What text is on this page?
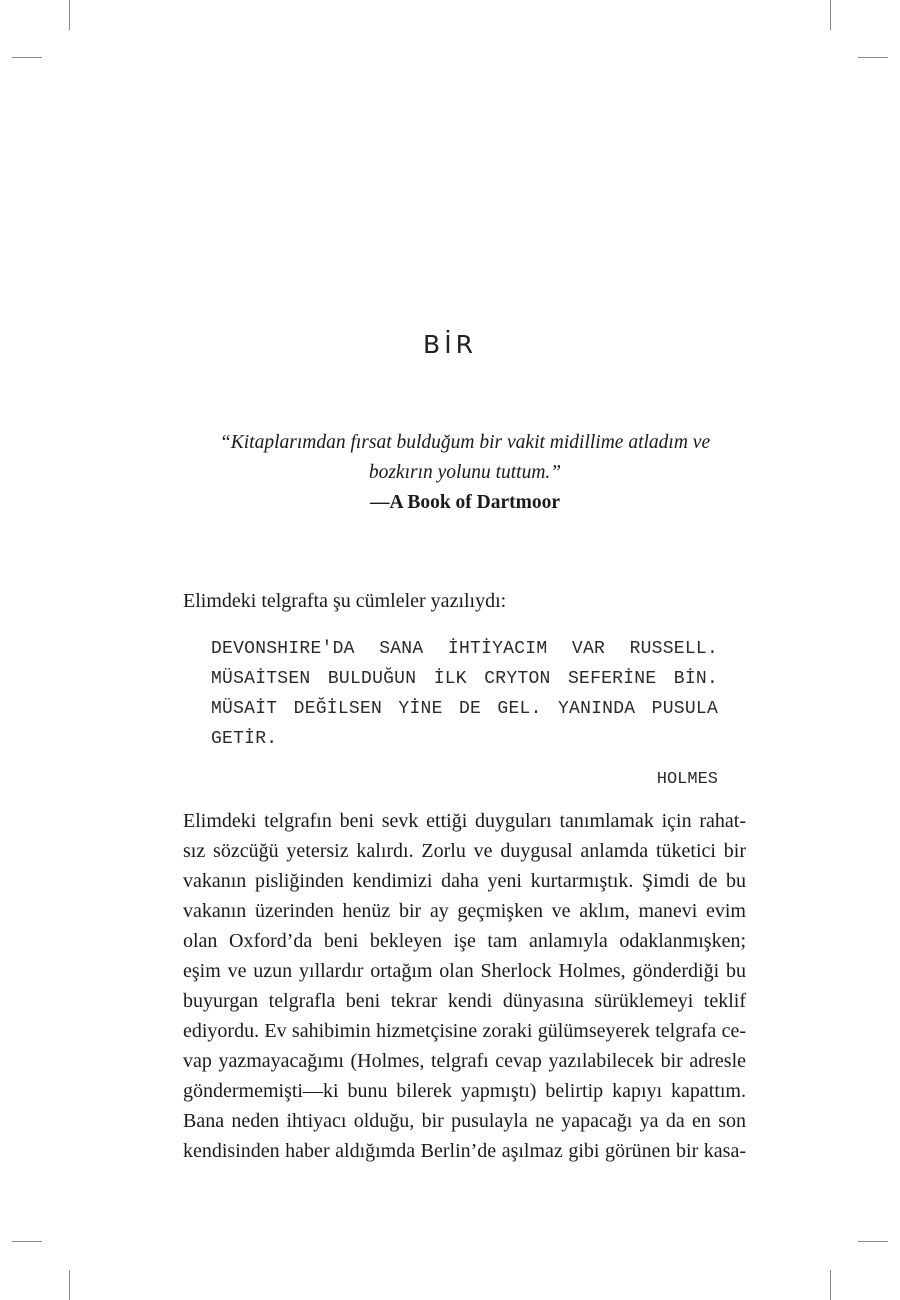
BİR
“Kitaplarımdan fırsat bulduğum bir vakit midillime atladım ve bozkırın yolunu tuttum.”
—A Book of Dartmoor
Elimdeki telgrafta şu cümleler yazılıydı:
DEVONSHIRE'DA SANA İHTİYACIM VAR RUSSELL. MÜSAİTSEN BULDUĞUN İLK CRYTON SEFERİNE BİN. MÜSAİT DEĞİLSEN YİNE DE GEL. YANINDA PUSULA GETİR.
HOLMES
Elimdeki telgrafın beni sevk ettiği duyguları tanımlamak için rahat-
sız sözcüğü yetersiz kalırdı. Zorlu ve duygusal anlamda tüketici bir
vakanın pisliğinden kendimizi daha yeni kurtarmıştık. Şimdi de bu
vakanın üzerinden henüz bir ay geçmişken ve aklım, manevi evim
olan Oxford’da beni bekleyen işe tam anlamıyla odaklanmışken;
eşim ve uzun yıllardır ortağım olan Sherlock Holmes, gönderdiği bu
buyurgan telgrafla beni tekrar kendi dünyasına sürüklemeyi teklif
ediyordu. Ev sahibimin hizmetçisine zoraki gülümseyerek telgrafa ce-
vap yazmayacağımı (Holmes, telgrafı cevap yazılabilecek bir adresle
göndermemişti—ki bunu bilerek yapmıştı) belirtip kapıyı kapattım.
Bana neden ihtiyacı olduğu, bir pusulayla ne yapacağı ya da en son
kendisinden haber aldığımda Berlin’de aşılmaz gibi görünen bir kasa-
